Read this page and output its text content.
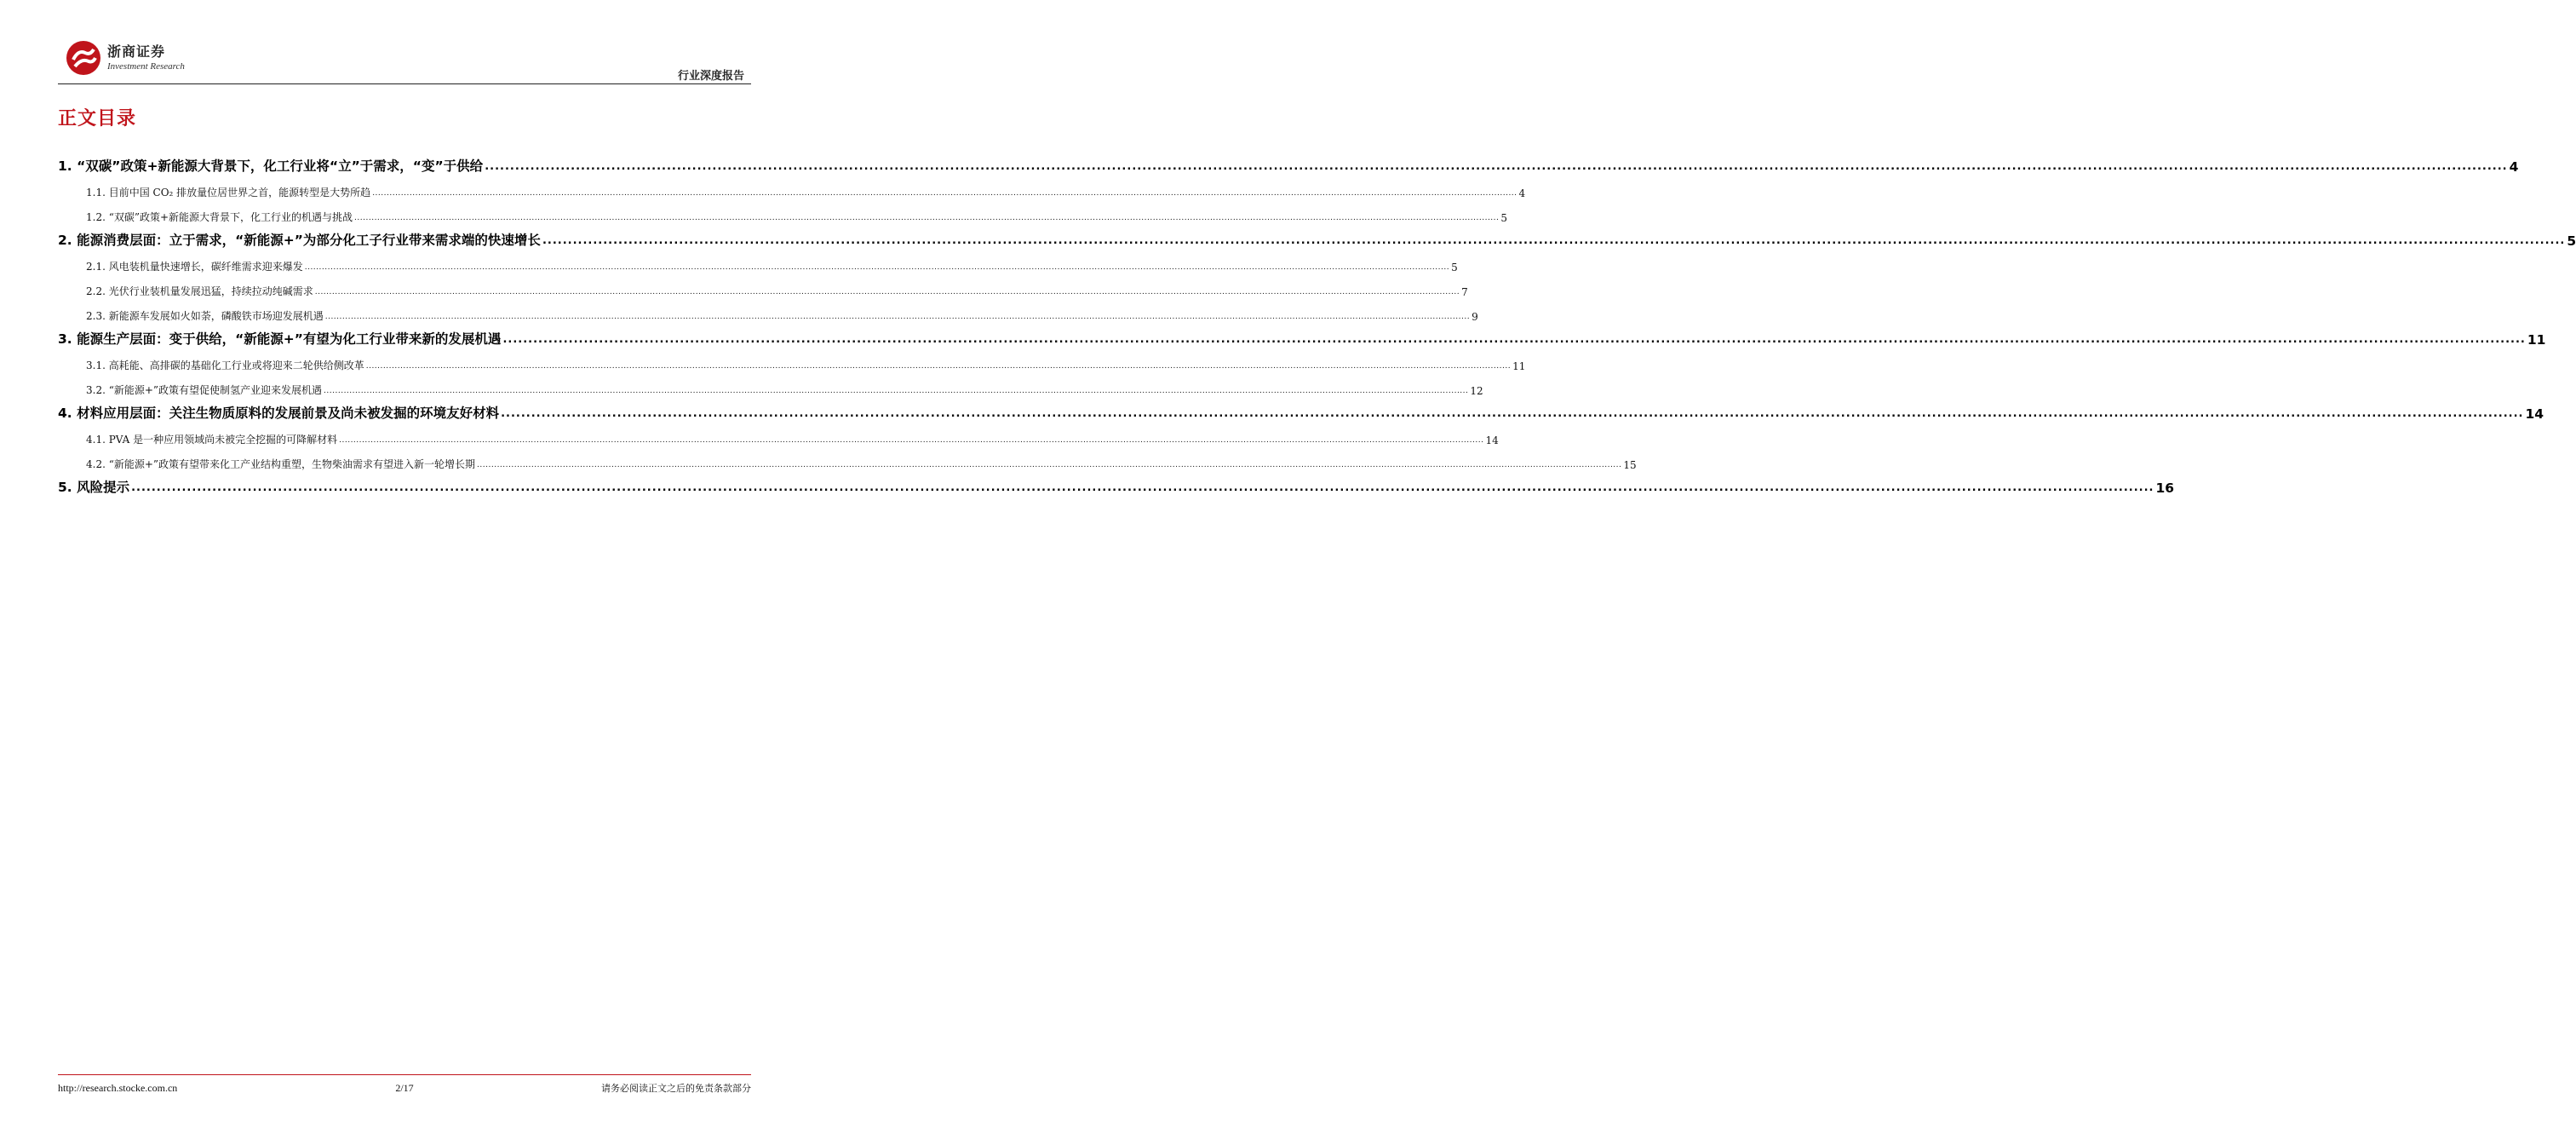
浙商证券
Investment Research
行业深度报告
正文目录
1. “双碳”政策+新能源大背景下，化工行业将“立”于需求，“变”于供给 ................................................................................................................................................................................................................................................................................................................................................................................................................ 4
1.1. 目前中国 CO₂ 排放量位居世界之首，能源转型是大势所趋 ................................................................................................................................................................................................................................................................................................................................................................................................................ 4
1.2. “双碳”政策+新能源大背景下，化工行业的机遇与挑战 ................................................................................................................................................................................................................................................................................................................................................................................................................ 5
2. 能源消费层面：立于需求，“新能源+”为部分化工子行业带来需求端的快速增长 ................................................................................................................................................................................................................................................................................................................................................................................................................ 5
2.1. 风电装机量快速增长，碳纤维需求迎来爆发 ................................................................................................................................................................................................................................................................................................................................................................................................................ 5
2.2. 光伏行业装机量发展迅猛，持续拉动纯碱需求 ................................................................................................................................................................................................................................................................................................................................................................................................................ 7
2.3. 新能源车发展如火如荼，磷酸铁市场迎发展机遇 ................................................................................................................................................................................................................................................................................................................................................................................................................ 9
3. 能源生产层面：变于供给，“新能源+”有望为化工行业带来新的发展机遇 ................................................................................................................................................................................................................................................................................................................................................................................................................ 11
3.1. 高耗能、高排碳的基础化工行业或将迎来二轮供给侧改革 ................................................................................................................................................................................................................................................................................................................................................................................................................ 11
3.2. “新能源+”政策有望促使制氢产业迎来发展机遇 ................................................................................................................................................................................................................................................................................................................................................................................................................ 12
4. 材料应用层面：关注生物质原料的发展前景及尚未被发掘的环境友好材料 ................................................................................................................................................................................................................................................................................................................................................................................................................ 14
4.1. PVA 是一种应用领域尚未被完全挖掘的可降解材料 ................................................................................................................................................................................................................................................................................................................................................................................................................ 14
4.2. “新能源+”政策有望带来化工产业结构重塑，生物柴油需求有望进入新一轮增长期 ................................................................................................................................................................................................................................................................................................................................................................................................................ 15
5. 风险提示 ................................................................................................................................................................................................................................................................................................................................................................................................................ 16
http://research.stocke.com.cn	2/17	请务必阅读正文之后的免责条款部分
